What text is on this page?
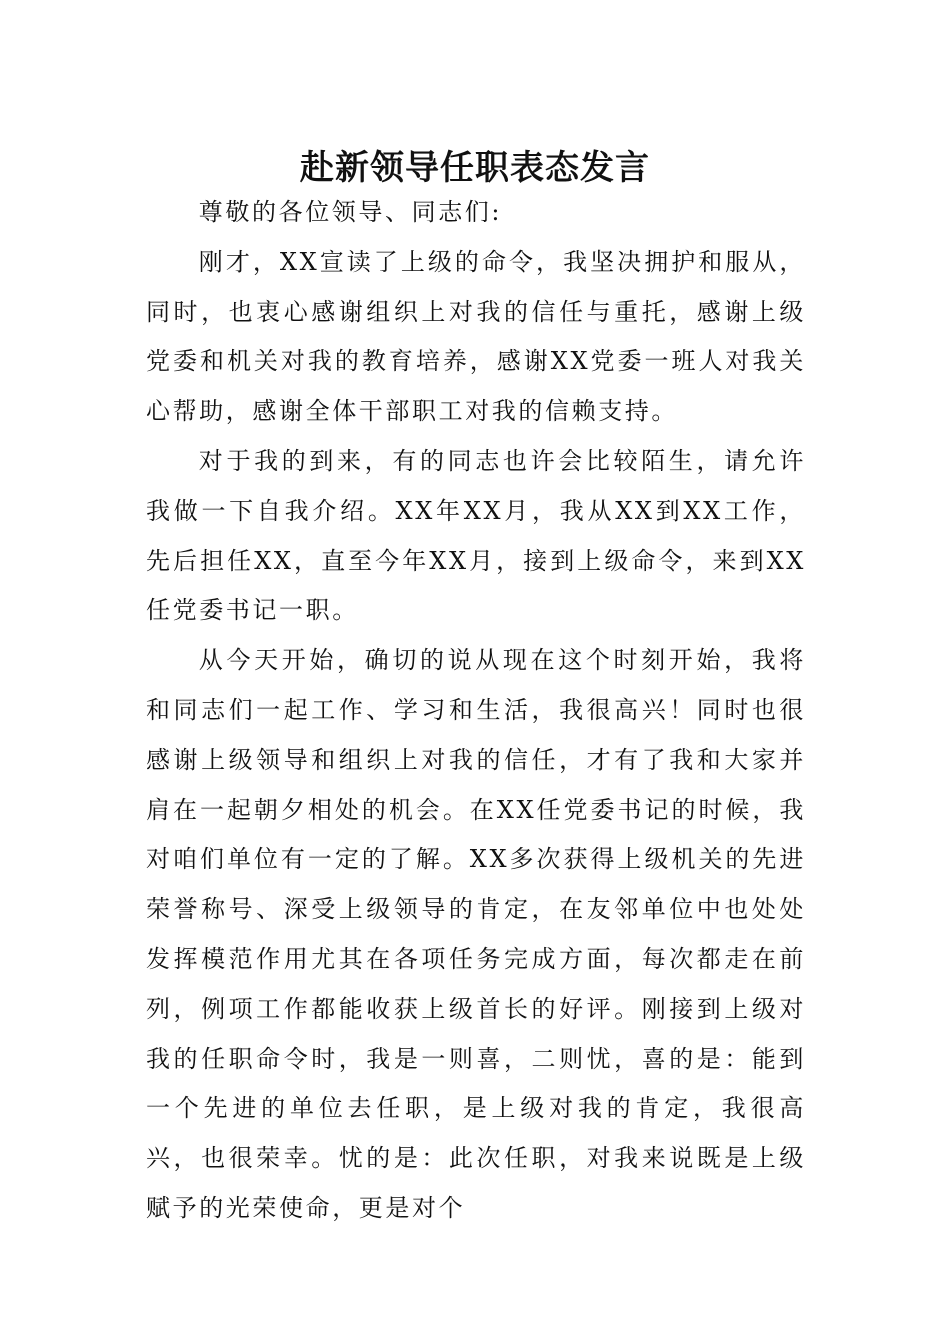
赴新领导任职表态发言

尊敬的各位领导、同志们:

刚才，XX宣读了上级的命令，我坚决拥护和服从，同时，也衷心感谢组织上对我的信任与重托，感谢上级党委和机关对我的教育培养，感谢XX党委一班人对我关心帮助，感谢全体干部职工对我的信赖支持。

对于我的到来，有的同志也许会比较陌生，请允许我做一下自我介绍。XX年XX月，我从XX到XX工作，先后担任XX，直至今年XX月，接到上级命令，来到XX任党委书记一职。

从今天开始，确切的说从现在这个时刻开始，我将和同志们一起工作、学习和生活，我很高兴！同时也很感谢上级领导和组织上对我的信任，才有了我和大家并肩在一起朝夕相处的机会。在XX任党委书记的时候，我对咱们单位有一定的了解。XX多次获得上级机关的先进荣誉称号、深受上级领导的肯定，在友邻单位中也处处发挥模范作用尤其在各项任务完成方面，每次都走在前列，例项工作都能收获上级首长的好评。刚接到上级对我的任职命令时，我是一则喜，二则忧，喜的是：能到一个先进的单位去任职，是上级对我的肯定，我很高兴，也很荣幸。忧的是：此次任职，对我来说既是上级赋予的光荣使命，更是对个
